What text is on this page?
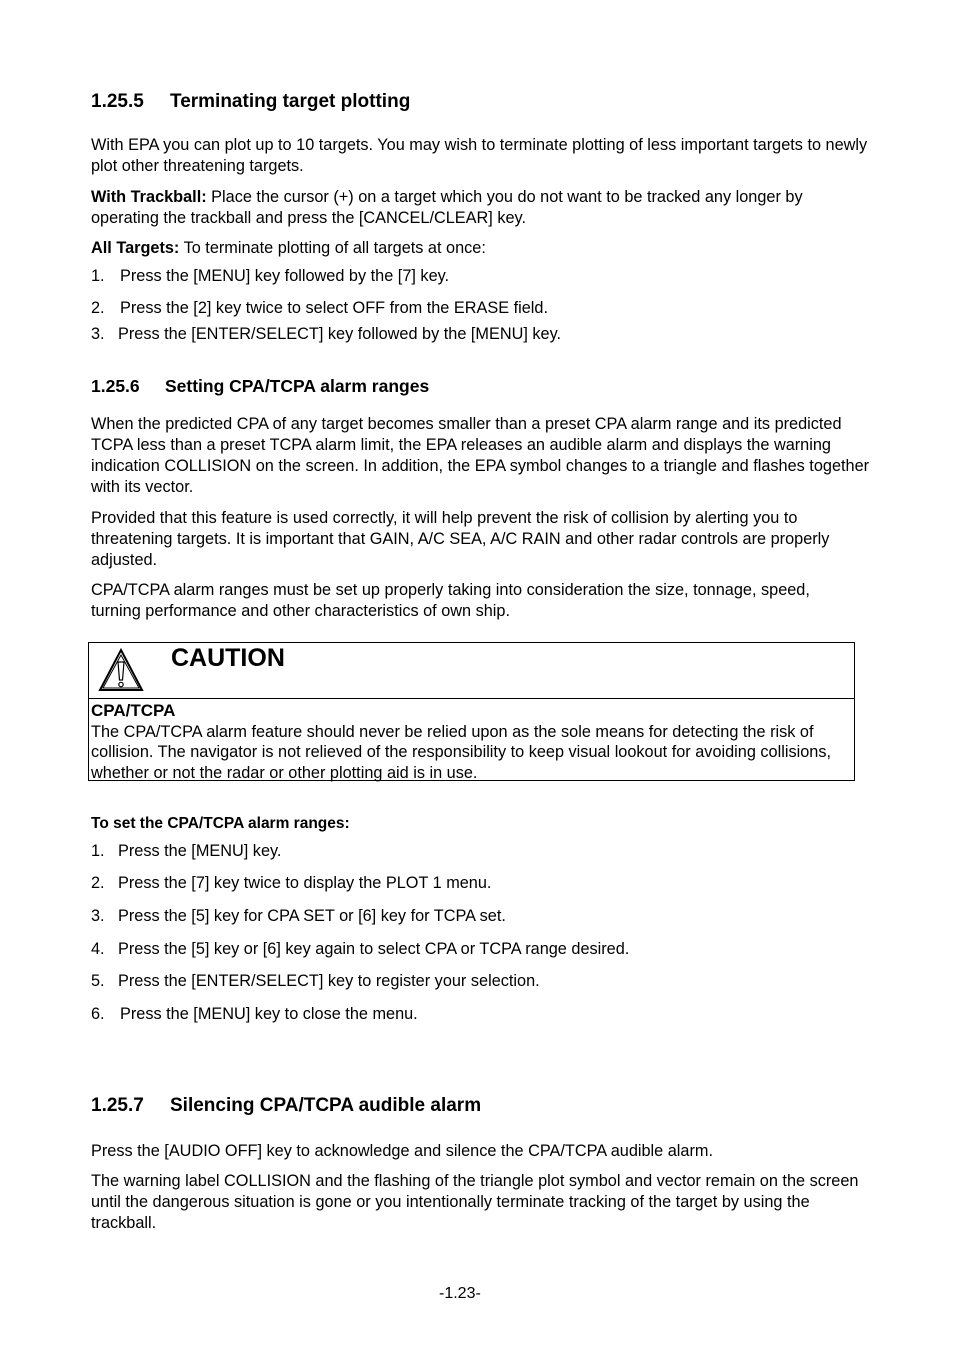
1.25.5 Terminating target plotting
With EPA you can plot up to 10 targets. You may wish to terminate plotting of less important targets to newly plot other threatening targets.
With Trackball: Place the cursor (+) on a target which you do not want to be tracked any longer by operating the trackball and press the [CANCEL/CLEAR] key.
All Targets: To terminate plotting of all targets at once:
1. Press the [MENU] key followed by the [7] key.
2. Press the [2] key twice to select OFF from the ERASE field.
3. Press the [ENTER/SELECT] key followed by the [MENU] key.
1.25.6 Setting CPA/TCPA alarm ranges
When the predicted CPA of any target becomes smaller than a preset CPA alarm range and its predicted TCPA less than a preset TCPA alarm limit, the EPA releases an audible alarm and displays the warning indication COLLISION on the screen. In addition, the EPA symbol changes to a triangle and flashes together with its vector.
Provided that this feature is used correctly, it will help prevent the risk of collision by alerting you to threatening targets. It is important that GAIN, A/C SEA, A/C RAIN and other radar controls are properly adjusted.
CPA/TCPA alarm ranges must be set up properly taking into consideration the size, tonnage, speed, turning performance and other characteristics of own ship.
CAUTION
CPA/TCPA
The CPA/TCPA alarm feature should never be relied upon as the sole means for detecting the risk of collision. The navigator is not relieved of the responsibility to keep visual lookout for avoiding collisions, whether or not the radar or other plotting aid is in use.
To set the CPA/TCPA alarm ranges:
1. Press the [MENU] key.
2. Press the [7] key twice to display the PLOT 1 menu.
3. Press the [5] key for CPA SET or [6] key for TCPA set.
4. Press the [5] key or [6] key again to select CPA or TCPA range desired.
5. Press the [ENTER/SELECT] key to register your selection.
6. Press the [MENU] key to close the menu.
1.25.7 Silencing CPA/TCPA audible alarm
Press the [AUDIO OFF] key to acknowledge and silence the CPA/TCPA audible alarm.
The warning label COLLISION and the flashing of the triangle plot symbol and vector remain on the screen until the dangerous situation is gone or you intentionally terminate tracking of the target by using the trackball.
-1.23-
